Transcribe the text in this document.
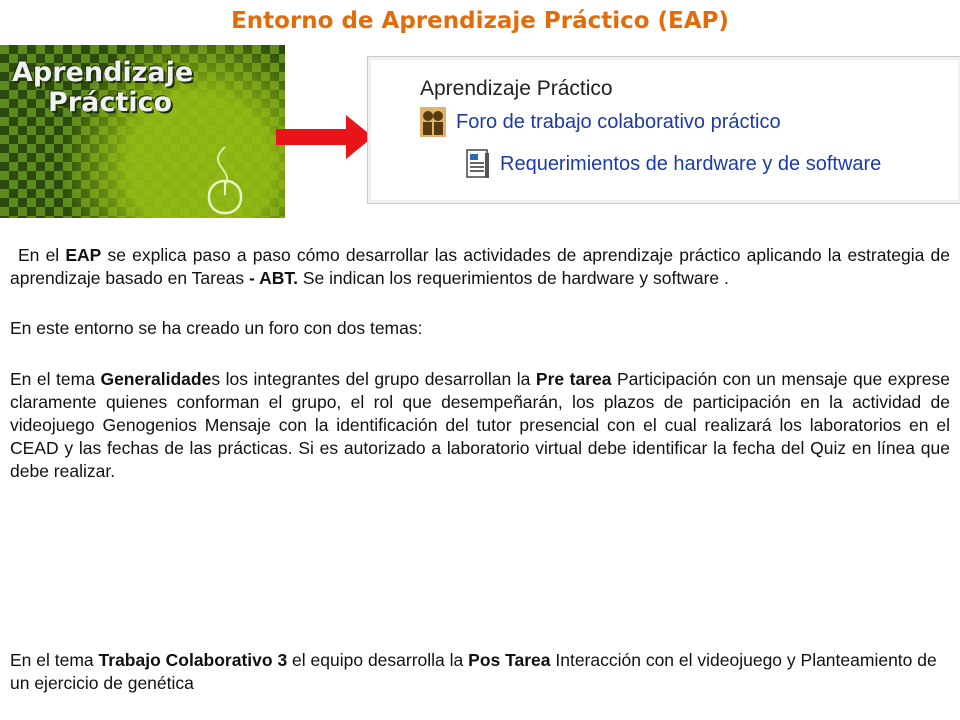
Entorno de Aprendizaje Práctico (EAP)
Aprendizaje
Práctico	Aprendizaje Práctico
Foro de trabajo colaborativo práctico
Requerimientos de hardware y de software

En el EAP se explica paso a paso cómo desarrollar las actividades de aprendizaje práctico aplicando la estrategia de aprendizaje basado en Tareas - ABT. Se indican los requerimientos de hardware y software .

En este entorno se ha creado un foro con dos temas:

En el tema Generalidades los integrantes del grupo desarrollan la Pre tarea Participación con un mensaje que exprese claramente quienes conforman el grupo, el rol que desempeñarán, los plazos de participación en la actividad de videojuego Genogenios Mensaje con la identificación del tutor presencial con el cual realizará los laboratorios en el CEAD y las fechas de las prácticas. Si es autorizado a laboratorio virtual debe identificar la fecha del Quiz en línea que debe realizar.

En el tema Trabajo Colaborativo 3 el equipo desarrolla la Pos Tarea Interacción con el videojuego y Planteamiento de un ejercicio de genética
